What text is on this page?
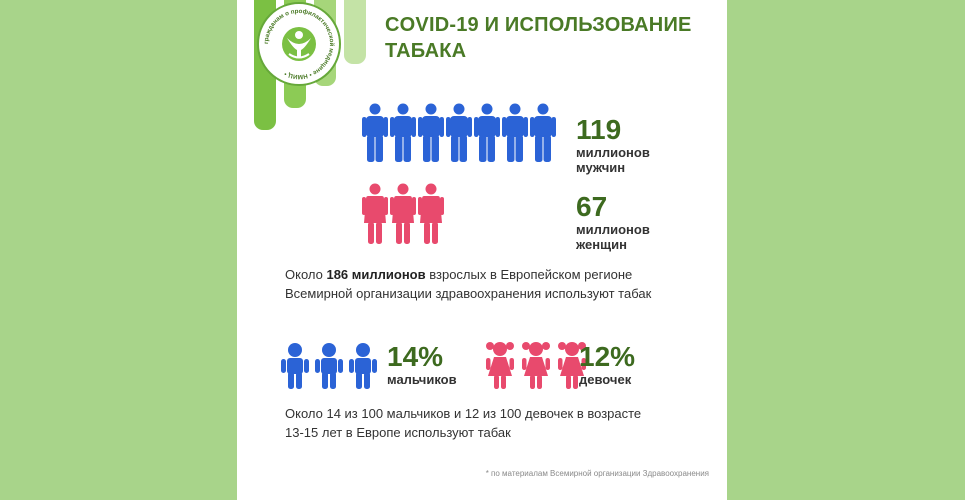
гражданам о профилактической медицине • НМИЦ •
COVID-19 И ИСПОЛЬЗОВАНИЕ
ТАБАКА
119
миллионов
мужчин
67
миллионов
женщин

Около 186 миллионов взрослых в Европейском регионе
Всемирной организации здравоохранения используют табак

14%
мальчиков
12%
девочек

Около 14 из 100 мальчиков и 12 из 100 девочек в возрасте
13-15 лет в Европе используют табак

* по материалам Всемирной организации Здравоохранения
